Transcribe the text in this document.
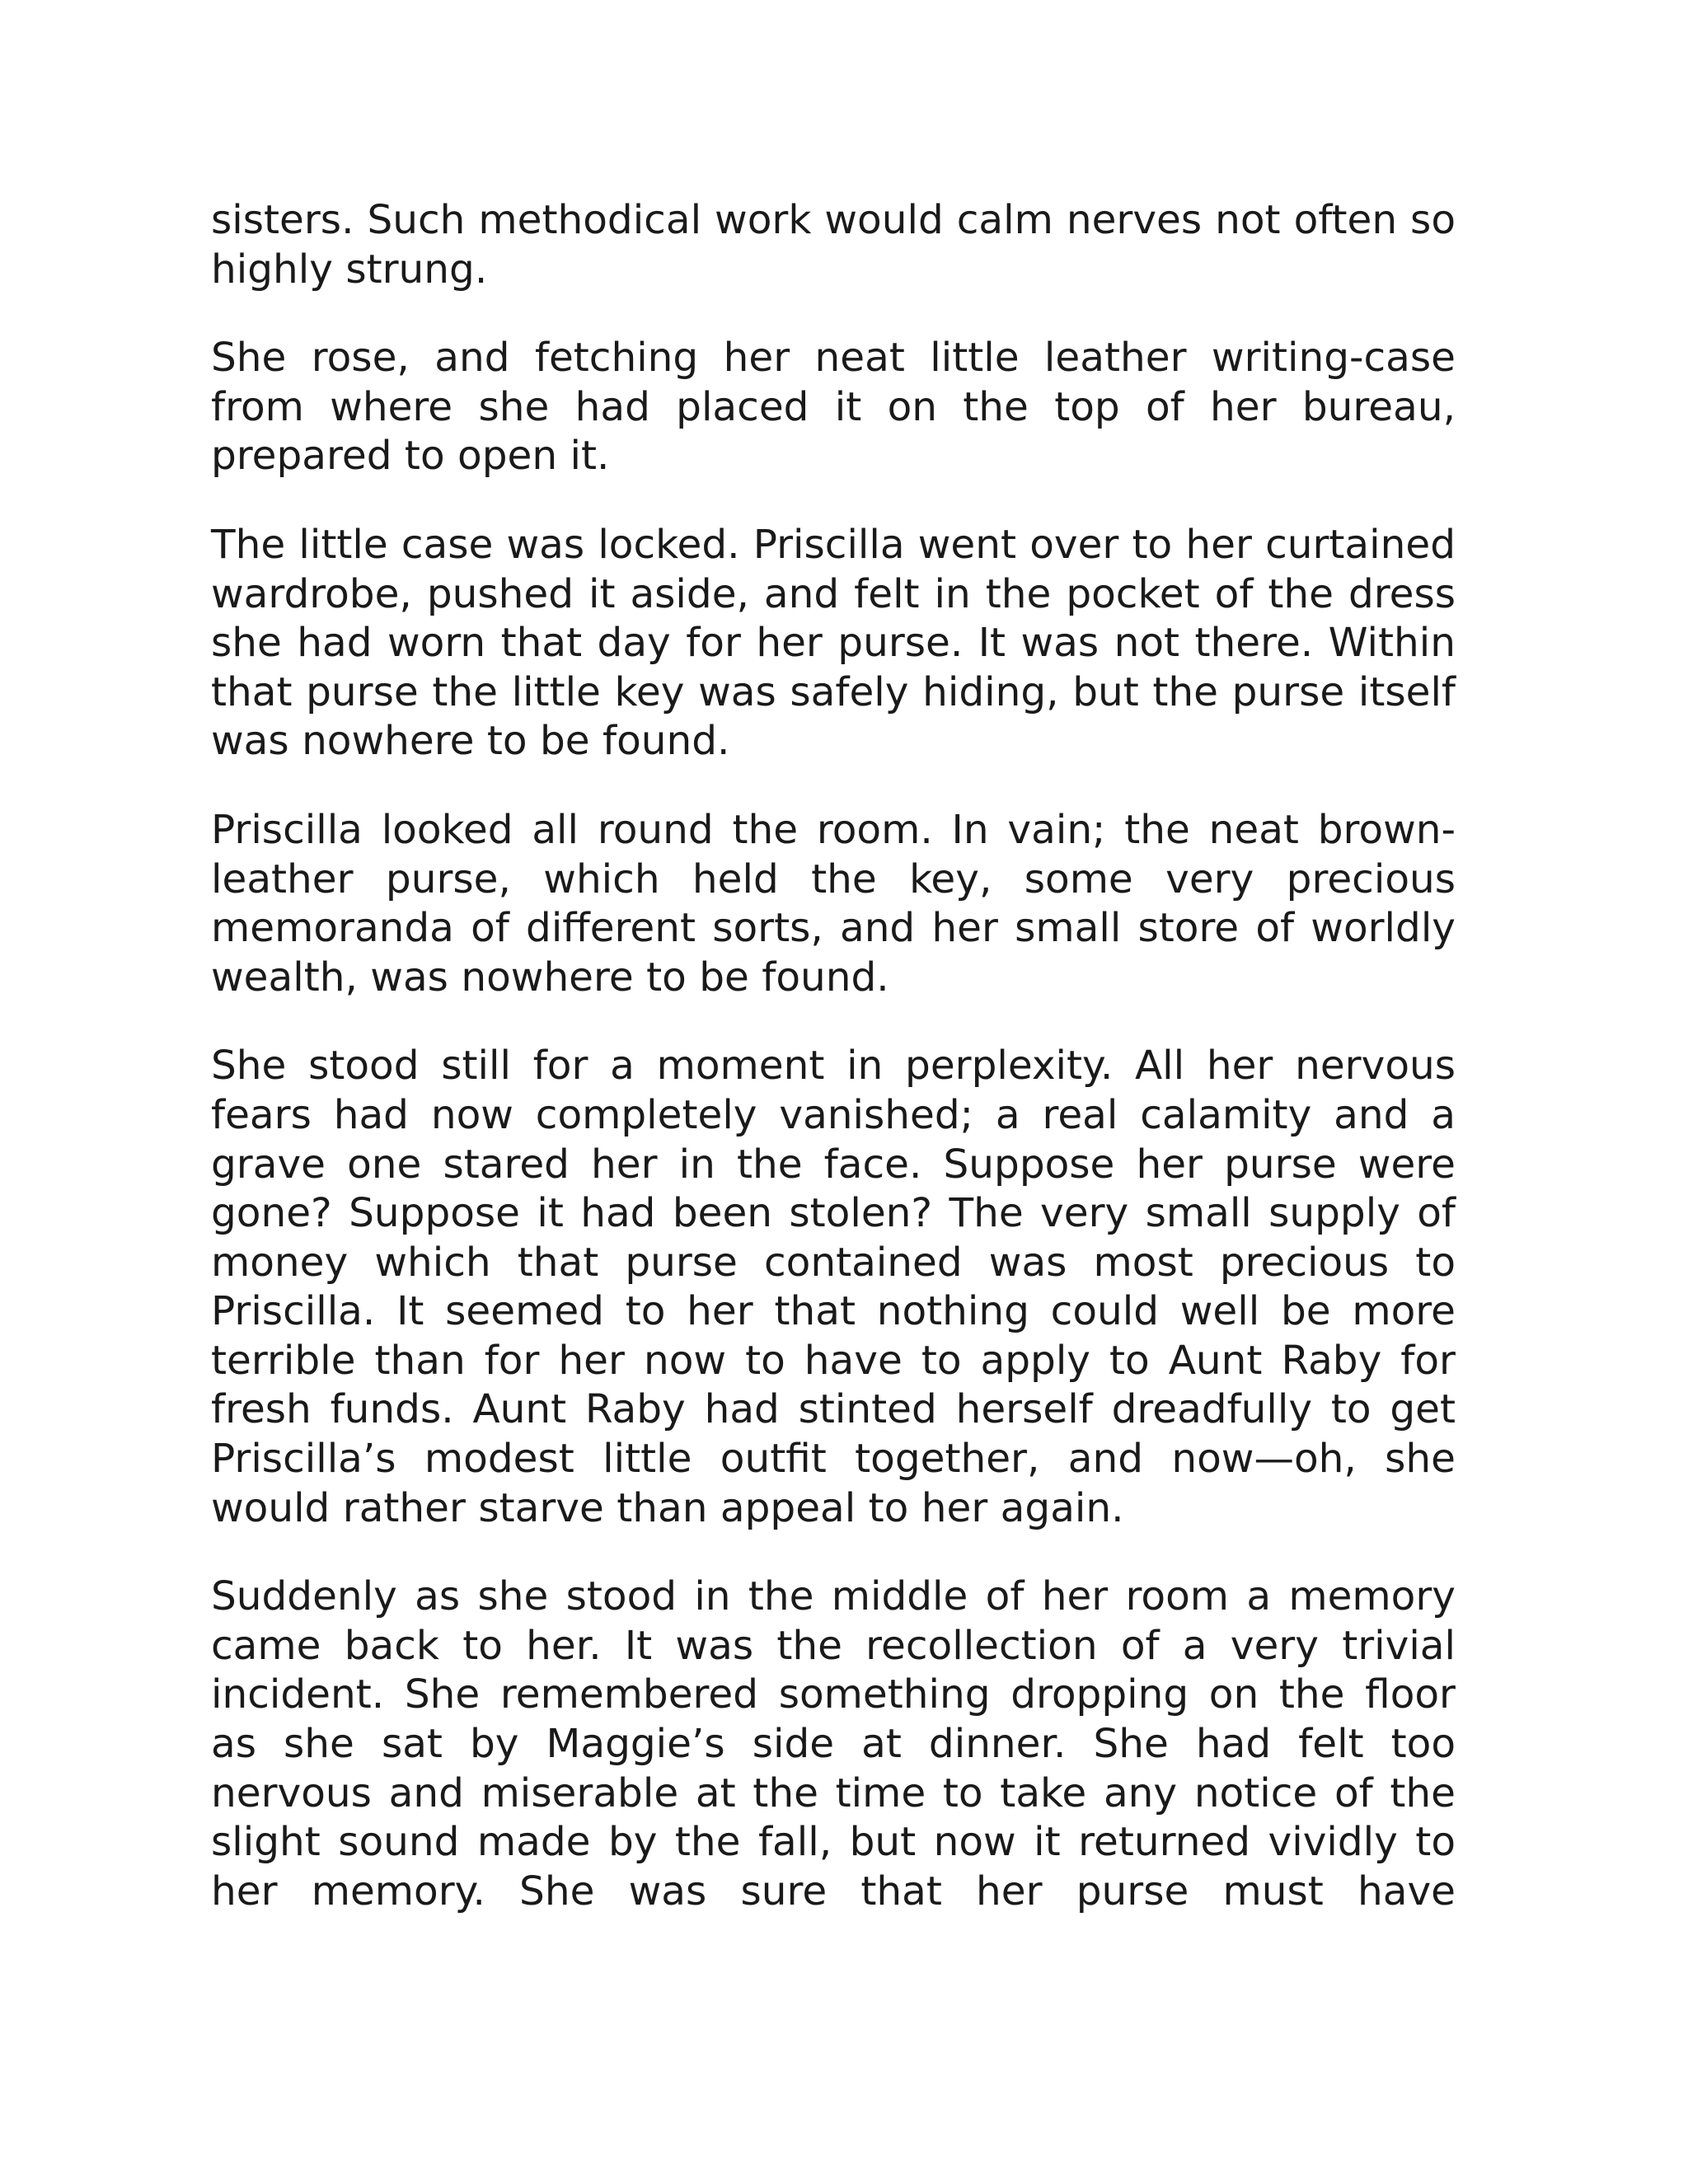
sisters. Such methodical work would calm nerves not often so highly strung.

She rose, and fetching her neat little leather writing-case from where she had placed it on the top of her bureau, prepared to open it.

The little case was locked. Priscilla went over to her curtained wardrobe, pushed it aside, and felt in the pocket of the dress she had worn that day for her purse. It was not there. Within that purse the little key was safely hiding, but the purse itself was nowhere to be found.

Priscilla looked all round the room. In vain; the neat brown-leather purse, which held the key, some very precious memoranda of different sorts, and her small store of worldly wealth, was nowhere to be found.

She stood still for a moment in perplexity. All her nervous fears had now completely vanished; a real calamity and a grave one stared her in the face. Suppose her purse were gone? Suppose it had been stolen? The very small supply of money which that purse contained was most precious to Priscilla. It seemed to her that nothing could well be more terrible than for her now to have to apply to Aunt Raby for fresh funds. Aunt Raby had stinted herself dreadfully to get Priscilla’s modest little outfit together, and now—oh, she would rather starve than appeal to her again.

Suddenly as she stood in the middle of her room a memory came back to her. It was the recollection of a very trivial incident. She remembered something dropping on the floor as she sat by Maggie’s side at dinner. She had felt too nervous and miserable at the time to take any notice of the slight sound made by the fall, but now it returned vividly to her memory. She was sure that her purse must have
